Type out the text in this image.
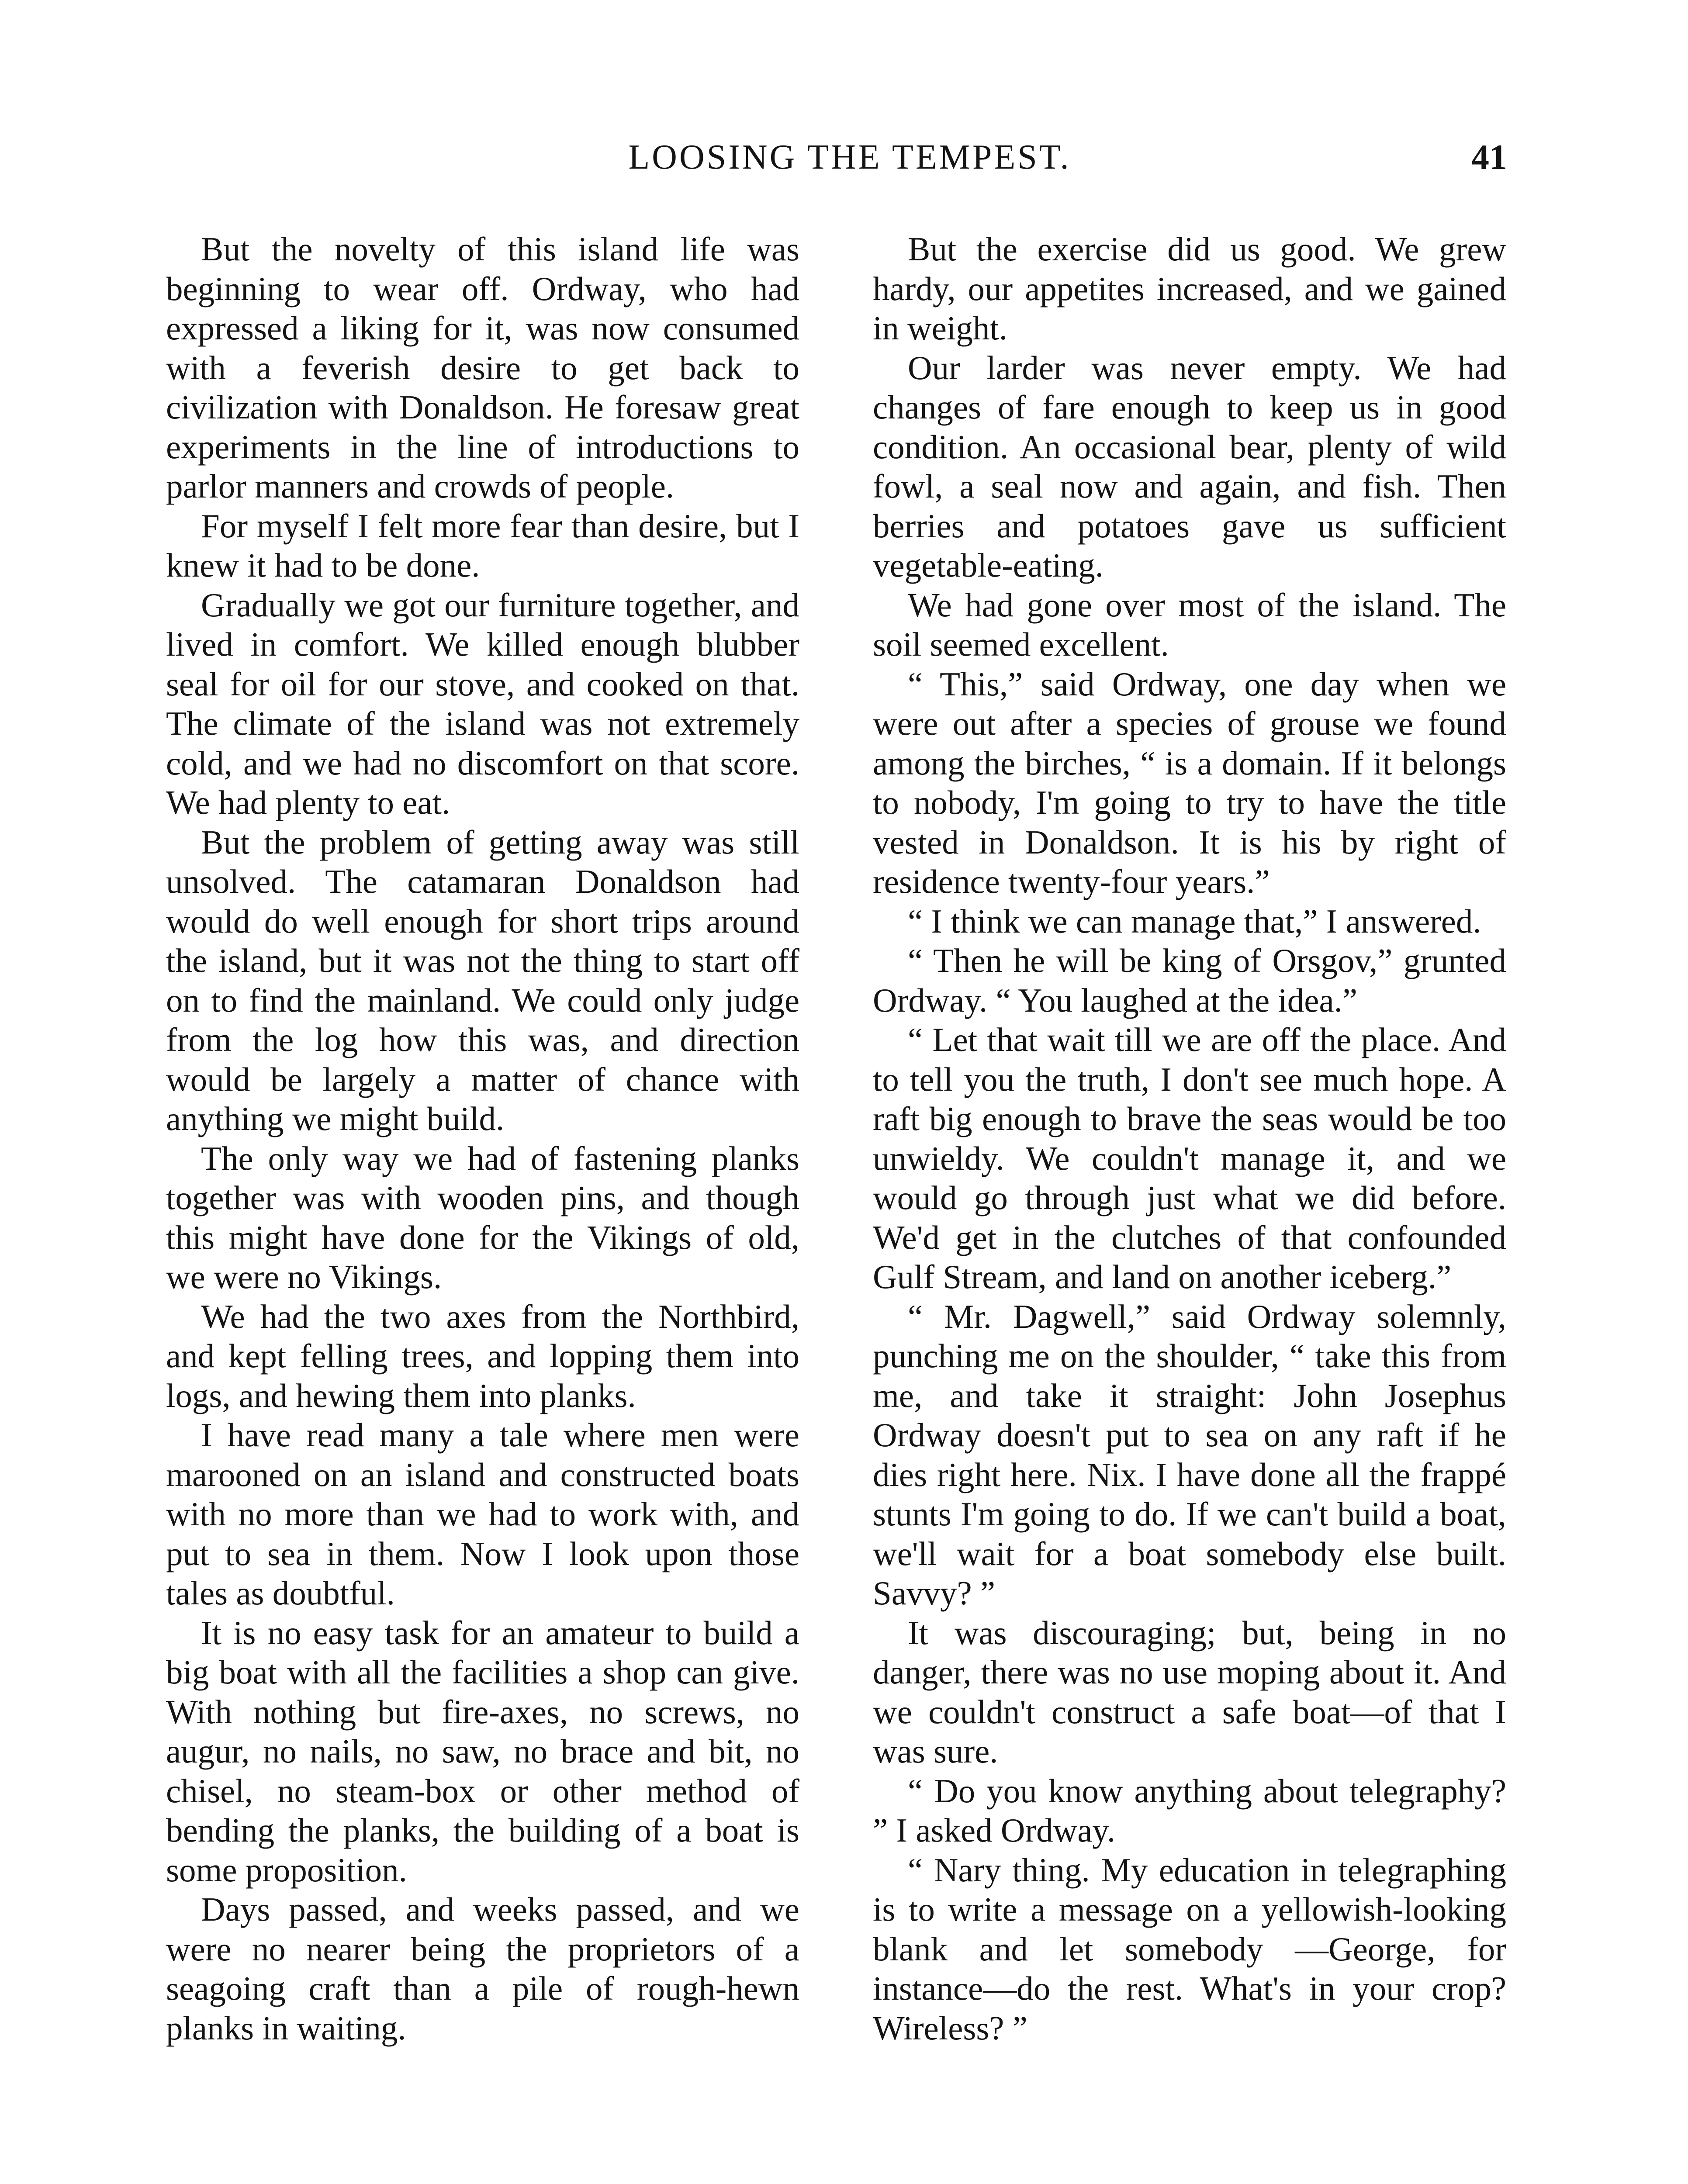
LOOSING THE TEMPEST.	41

But the novelty of this island life was beginning to wear off. Ordway, who had expressed a liking for it, was now consumed with a feverish desire to get back to civilization with Donaldson. He foresaw great experiments in the line of introductions to parlor manners and crowds of people.

For myself I felt more fear than desire, but I knew it had to be done.

Gradually we got our furniture together, and lived in comfort. We killed enough blubber seal for oil for our stove, and cooked on that. The climate of the island was not extremely cold, and we had no discomfort on that score. We had plenty to eat.

But the problem of getting away was still unsolved. The catamaran Donaldson had would do well enough for short trips around the island, but it was not the thing to start off on to find the mainland. We could only judge from the log how this was, and direction would be largely a matter of chance with anything we might build.

The only way we had of fastening planks together was with wooden pins, and though this might have done for the Vikings of old, we were no Vikings.

We had the two axes from the Northbird, and kept felling trees, and lopping them into logs, and hewing them into planks.

I have read many a tale where men were marooned on an island and constructed boats with no more than we had to work with, and put to sea in them. Now I look upon those tales as doubtful.

It is no easy task for an amateur to build a big boat with all the facilities a shop can give. With nothing but fire-axes, no screws, no augur, no nails, no saw, no brace and bit, no chisel, no steam-box or other method of bending the planks, the building of a boat is some proposition.

Days passed, and weeks passed, and we were no nearer being the proprietors of a seagoing craft than a pile of rough-hewn planks in waiting.

But the exercise did us good. We grew hardy, our appetites increased, and we gained in weight.

Our larder was never empty. We had changes of fare enough to keep us in good condition. An occasional bear, plenty of wild fowl, a seal now and again, and fish. Then berries and potatoes gave us sufficient vegetable-eating.

We had gone over most of the island. The soil seemed excellent.

“ This,” said Ordway, one day when we were out after a species of grouse we found among the birches, “ is a domain. If it belongs to nobody, I'm going to try to have the title vested in Donaldson. It is his by right of residence twenty-four years.”

“ I think we can manage that,” I answered.

“ Then he will be king of Orsgov,” grunted Ordway. “ You laughed at the idea.”

“ Let that wait till we are off the place. And to tell you the truth, I don't see much hope. A raft big enough to brave the seas would be too unwieldy. We couldn't manage it, and we would go through just what we did before. We'd get in the clutches of that confounded Gulf Stream, and land on another iceberg.”

“ Mr. Dagwell,” said Ordway solemnly, punching me on the shoulder, “ take this from me, and take it straight: John Josephus Ordway doesn't put to sea on any raft if he dies right here. Nix. I have done all the frappé stunts I'm going to do. If we can't build a boat, we'll wait for a boat somebody else built. Savvy? ”

It was discouraging; but, being in no danger, there was no use moping about it. And we couldn't construct a safe boat—of that I was sure.

“ Do you know anything about telegraphy? ” I asked Ordway.

“ Nary thing. My education in telegraphing is to write a message on a yellowish-looking blank and let somebody —George, for instance—do the rest. What's in your crop? Wireless? ”
